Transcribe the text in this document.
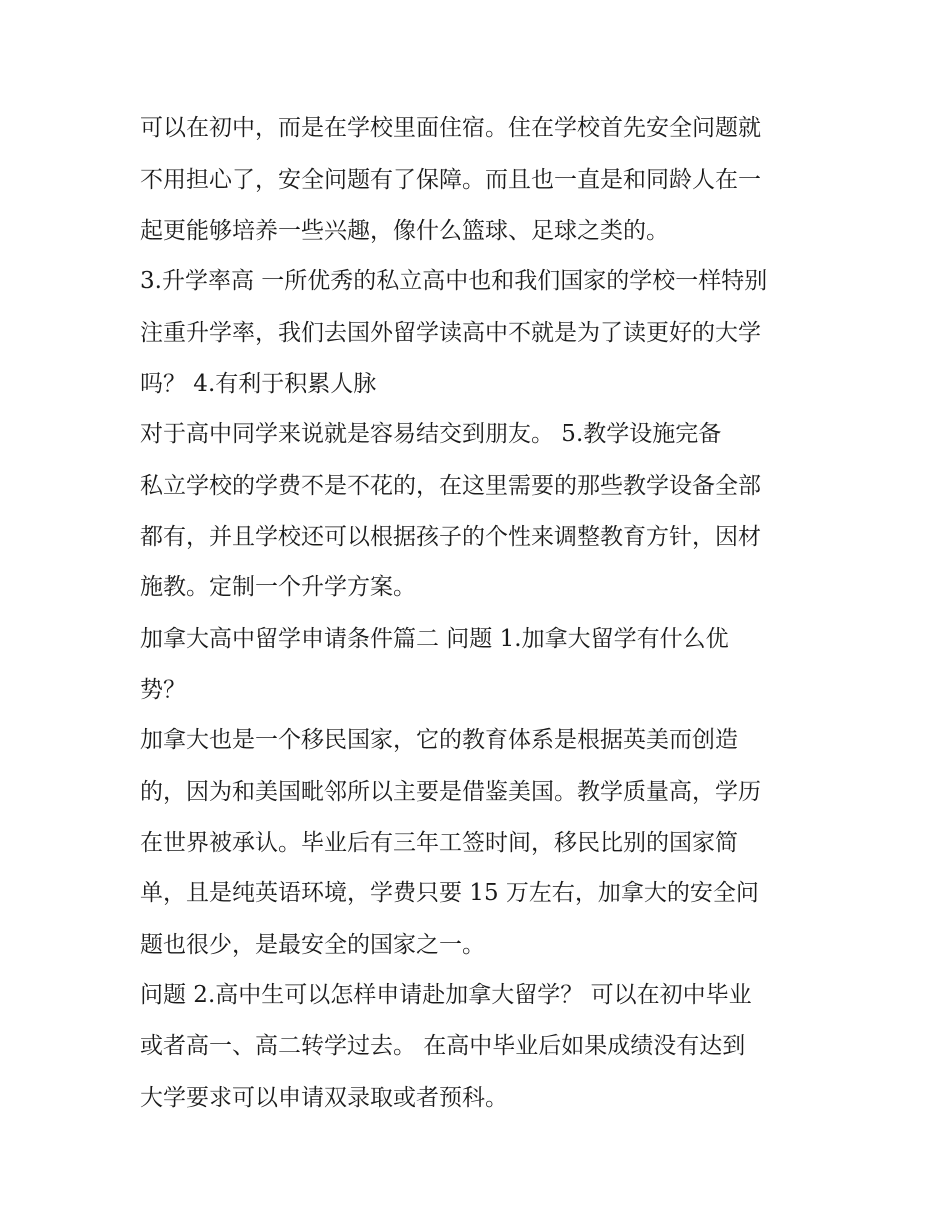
可以在初中，而是在学校里面住宿。住在学校首先安全问题就
不用担心了，安全问题有了保障。而且也一直是和同龄人在一
起更能够培养一些兴趣，像什么篮球、足球之类的。
3.升学率高 一所优秀的私立高中也和我们国家的学校一样特别
注重升学率，我们去国外留学读高中不就是为了读更好的大学
吗？ 4.有利于积累人脉
对于高中同学来说就是容易结交到朋友。 5.教学设施完备
私立学校的学费不是不花的，在这里需要的那些教学设备全部
都有，并且学校还可以根据孩子的个性来调整教育方针，因材
施教。定制一个升学方案。
加拿大高中留学申请条件篇二 问题 1.加拿大留学有什么优
势？
加拿大也是一个移民国家，它的教育体系是根据英美而创造
的，因为和美国毗邻所以主要是借鉴美国。教学质量高，学历
在世界被承认。毕业后有三年工签时间，移民比别的国家简
单，且是纯英语环境，学费只要 15 万左右，加拿大的安全问
题也很少，是最安全的国家之一。
问题 2.高中生可以怎样申请赴加拿大留学？ 可以在初中毕业
或者高一、高二转学过去。 在高中毕业后如果成绩没有达到
大学要求可以申请双录取或者预科。
